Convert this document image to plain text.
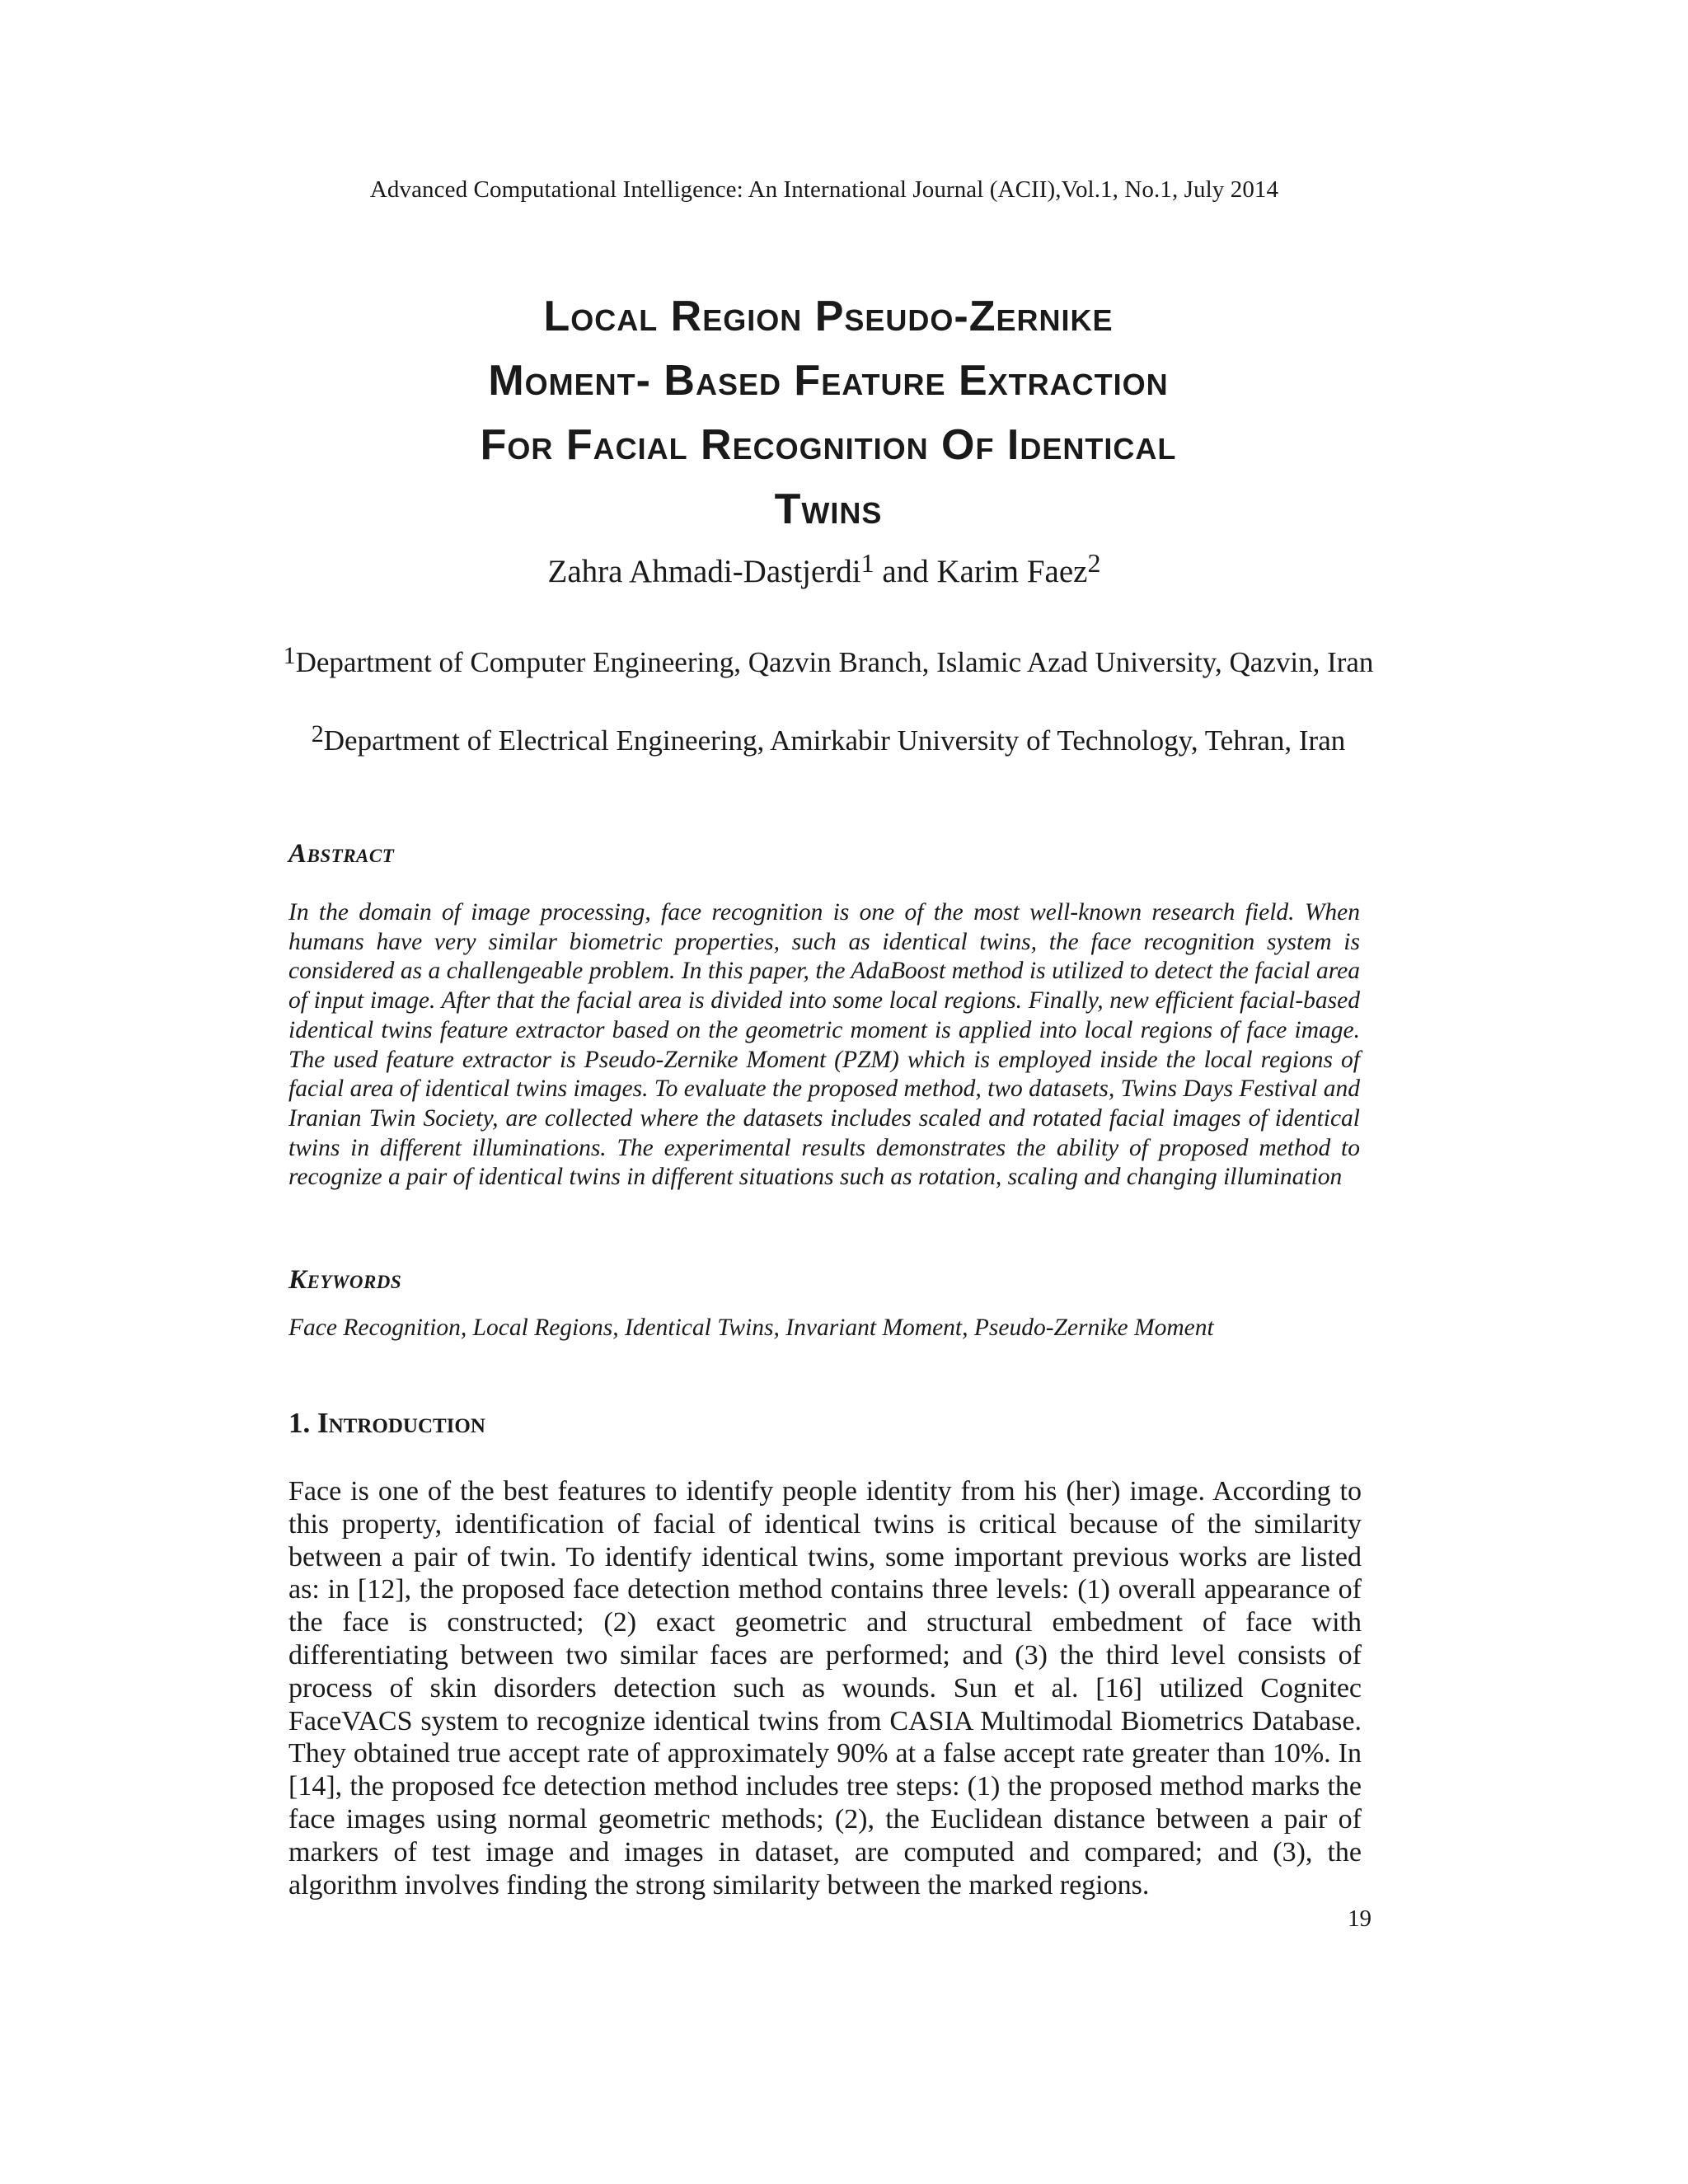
Advanced Computational Intelligence: An International Journal (ACII),Vol.1, No.1, July 2014
Local Region Pseudo-Zernike
Moment- Based Feature Extraction
For Facial Recognition Of Identical
Twins
Zahra Ahmadi-Dastjerdi$^1$ and Karim Faez$^2$
$^1$Department of Computer Engineering, Qazvin Branch, Islamic Azad University, Qazvin, Iran
$^2$Department of Electrical Engineering, Amirkabir University of Technology, Tehran, Iran
Abstract
In the domain of image processing, face recognition is one of the most well-known research field. When humans have very similar biometric properties, such as identical twins, the face recognition system is considered as a challengeable problem. In this paper, the AdaBoost method is utilized to detect the facial area of input image. After that the facial area is divided into some local regions. Finally, new efficient facial-based identical twins feature extractor based on the geometric moment is applied into local regions of face image. The used feature extractor is Pseudo-Zernike Moment (PZM) which is employed inside the local regions of facial area of identical twins images. To evaluate the proposed method, two datasets, Twins Days Festival and Iranian Twin Society, are collected where the datasets includes scaled and rotated facial images of identical twins in different illuminations. The experimental results demonstrates the ability of proposed method to recognize a pair of identical twins in different situations such as rotation, scaling and changing illumination
Keywords
Face Recognition, Local Regions, Identical Twins, Invariant Moment, Pseudo-Zernike Moment
1. Introduction
Face is one of the best features to identify people identity from his (her) image. According to this property, identification of facial of identical twins is critical because of the similarity between a pair of twin. To identify identical twins, some important previous works are listed as: in [12], the proposed face detection method contains three levels: (1) overall appearance of the face is constructed; (2) exact geometric and structural embedment of face with differentiating between two similar faces are performed; and (3) the third level consists of process of skin disorders detection such as wounds. Sun et al. [16] utilized Cognitec FaceVACS system to recognize identical twins from CASIA Multimodal Biometrics Database. They obtained true accept rate of approximately 90% at a false accept rate greater than 10%. In [14], the proposed fce detection method includes tree steps: (1) the proposed method marks the face images using normal geometric methods; (2), the Euclidean distance between a pair of markers of test image and images in dataset, are computed and compared; and (3), the algorithm involves finding the strong similarity between the marked regions.
19
